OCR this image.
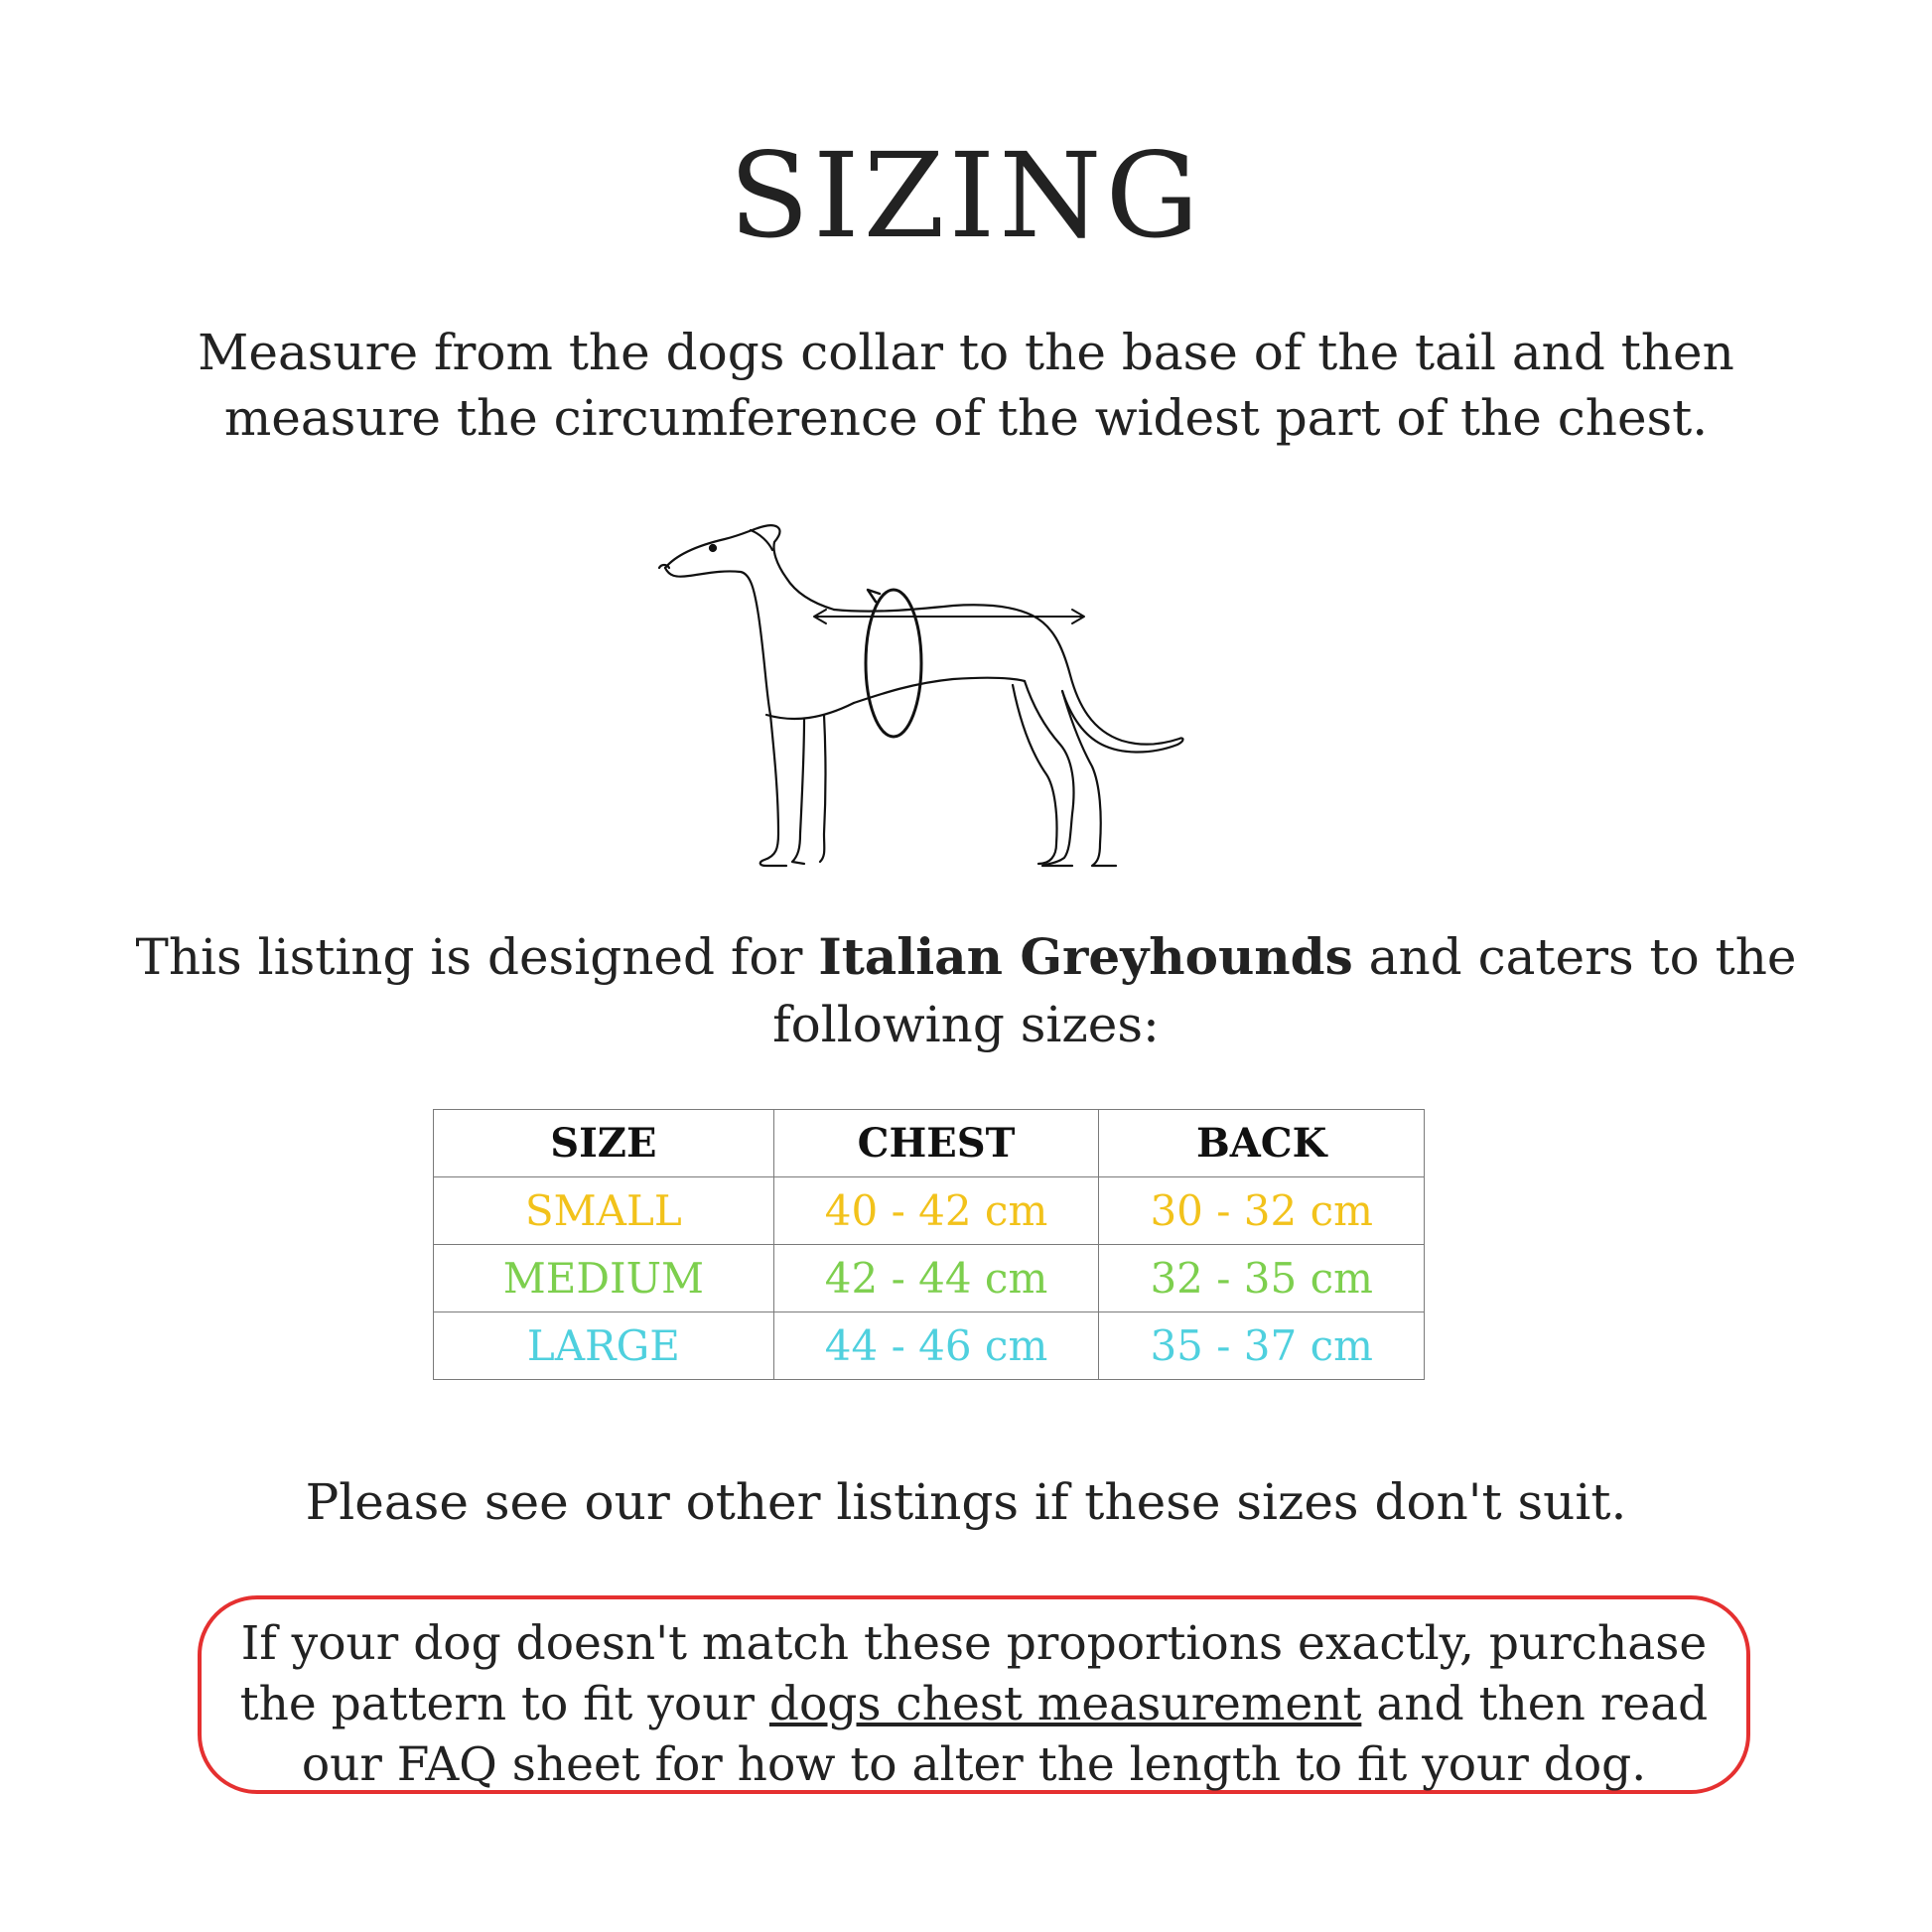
SIZING

Measure from the dogs collar to the base of the tail and then measure the circumference of the widest part of the chest.

This listing is designed for Italian Greyhounds and caters to the following sizes:

SIZE	CHEST	BACK
SMALL	40 - 42 cm	30 - 32 cm
MEDIUM	42 - 44 cm	32 - 35 cm
LARGE	44 - 46 cm	35 - 37 cm

Please see our other listings if these sizes don't suit.

If your dog doesn't match these proportions exactly, purchase the pattern to fit your dogs chest measurement and then read our FAQ sheet for how to alter the length to fit your dog.
